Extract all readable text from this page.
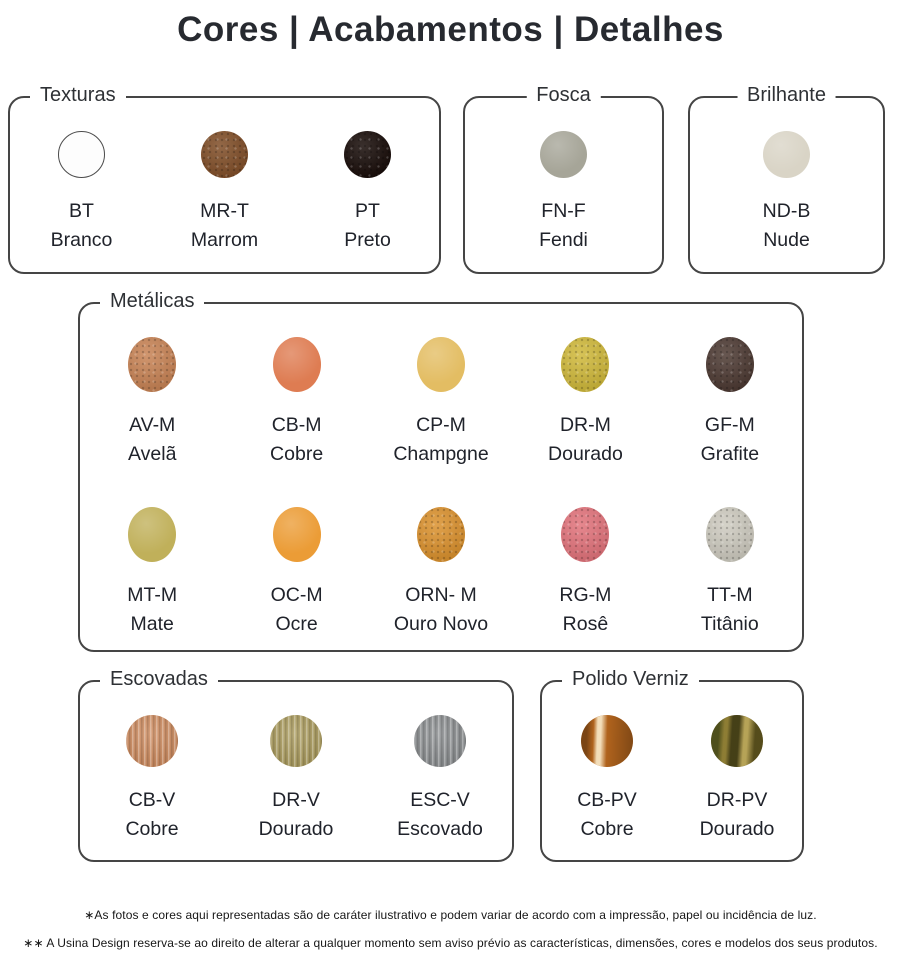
Cores | Acabamentos | Detalhes
Texturas
BT
Branco
MR-T
Marrom
PT
Preto
Fosca
FN-F
Fendi
Brilhante
ND-B
Nude
Metálicas
AV-M
Avelã
CB-M
Cobre
CP-M
Champgne
DR-M
Dourado
GF-M
Grafite
MT-M
Mate
OC-M
Ocre
ORN- M
Ouro Novo
RG-M
Rosê
TT-M
Titânio
Escovadas
CB-V
Cobre
DR-V
Dourado
ESC-V
Escovado
Polido Verniz
CB-PV
Cobre
DR-PV
Dourado

∗As fotos e cores aqui representadas são de caráter ilustrativo e podem variar de acordo com a impressão, papel ou incidência de luz.

∗∗ A Usina Design reserva-se ao direito de alterar a qualquer momento sem aviso prévio as características, dimensões, cores e modelos dos seus produtos.
